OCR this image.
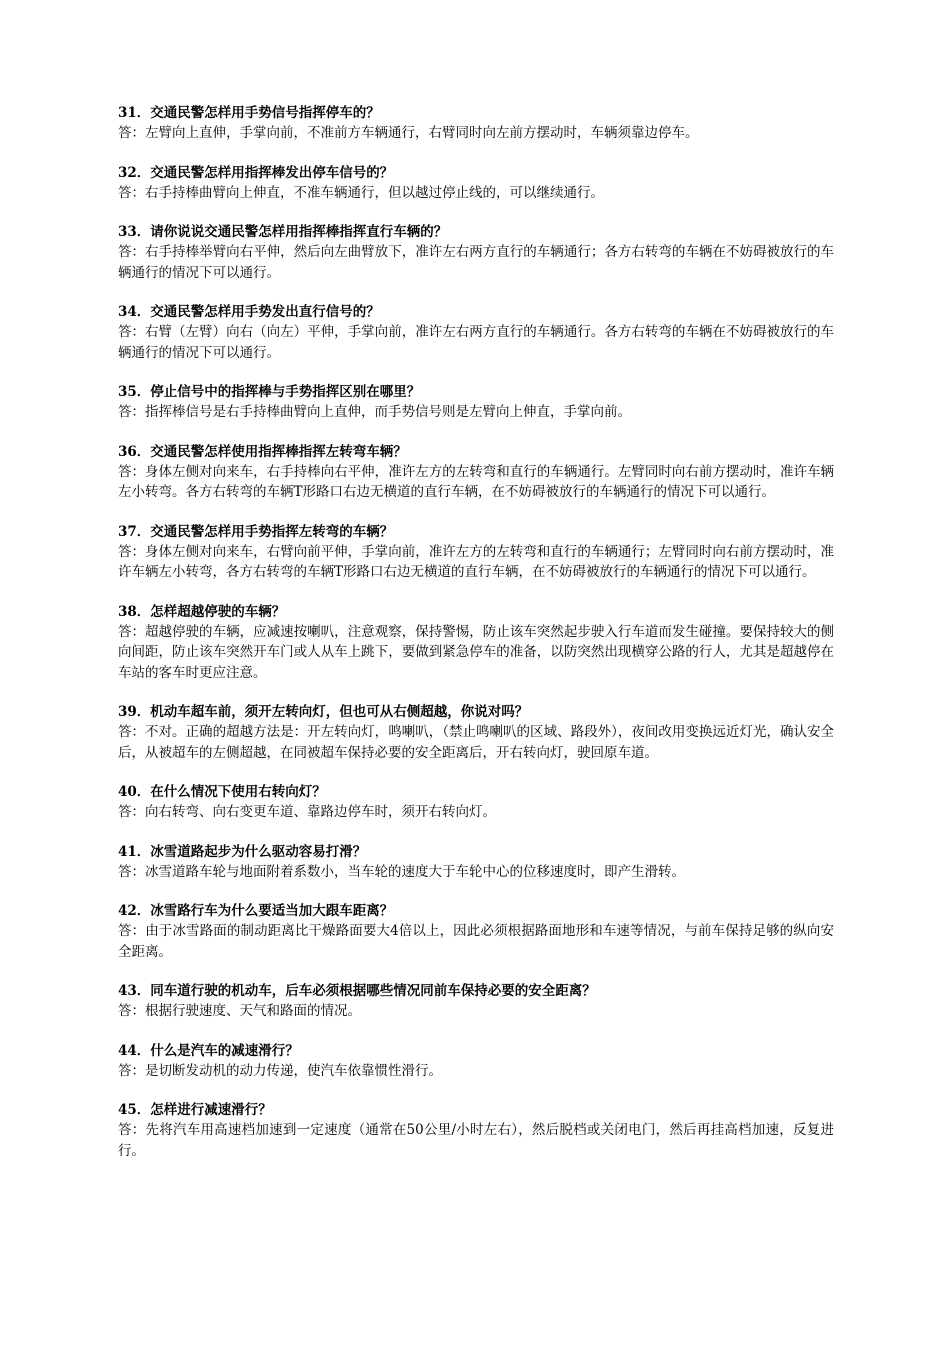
31．交通民警怎样用手势信号指挥停车的？
答：左臂向上直伸，手掌向前，不准前方车辆通行，右臂同时向左前方摆动时，车辆须靠边停车。
32．交通民警怎样用指挥棒发出停车信号的？
答：右手持棒曲臂向上伸直，不准车辆通行，但以越过停止线的，可以继续通行。
33．请你说说交通民警怎样用指挥棒指挥直行车辆的？
答：右手持棒举臂向右平伸，然后向左曲臂放下，准许左右两方直行的车辆通行；各方右转弯的车辆在不妨碍被放行的车辆通行的情况下可以通行。
34．交通民警怎样用手势发出直行信号的？
答：右臂（左臂）向右（向左）平伸，手掌向前，准许左右两方直行的车辆通行。各方右转弯的车辆在不妨碍被放行的车辆通行的情况下可以通行。
35．停止信号中的指挥棒与手势指挥区别在哪里？
答：指挥棒信号是右手持棒曲臂向上直伸，而手势信号则是左臂向上伸直，手掌向前。
36．交通民警怎样使用指挥棒指挥左转弯车辆？
答：身体左侧对向来车，右手持棒向右平伸，准许左方的左转弯和直行的车辆通行。左臂同时向右前方摆动时，准许车辆左小转弯。各方右转弯的车辆T形路口右边无横道的直行车辆，在不妨碍被放行的车辆通行的情况下可以通行。
37．交通民警怎样用手势指挥左转弯的车辆？
答：身体左侧对向来车，右臂向前平伸，手掌向前，准许左方的左转弯和直行的车辆通行；左臂同时向右前方摆动时，准许车辆左小转弯，各方右转弯的车辆T形路口右边无横道的直行车辆，在不妨碍被放行的车辆通行的情况下可以通行。
38．怎样超越停驶的车辆？
答：超越停驶的车辆，应减速按喇叭，注意观察，保持警惕，防止该车突然起步驶入行车道而发生碰撞。要保持较大的侧向间距，防止该车突然开车门或人从车上跳下，要做到紧急停车的准备，以防突然出现横穿公路的行人，尤其是超越停在车站的客车时更应注意。
39．机动车超车前，须开左转向灯，但也可从右侧超越，你说对吗？
答：不对。正确的超越方法是：开左转向灯，鸣喇叭，（禁止鸣喇叭的区域、路段外），夜间改用变换远近灯光，确认安全后，从被超车的左侧超越，在同被超车保持必要的安全距离后，开右转向灯，驶回原车道。
40．在什么情况下使用右转向灯？
答：向右转弯、向右变更车道、靠路边停车时，须开右转向灯。
41．冰雪道路起步为什么驱动容易打滑？
答：冰雪道路车轮与地面附着系数小，当车轮的速度大于车轮中心的位移速度时，即产生滑转。
42．冰雪路行车为什么要适当加大跟车距离？
答：由于冰雪路面的制动距离比干燥路面要大4倍以上，因此必须根据路面地形和车速等情况，与前车保持足够的纵向安全距离。
43．同车道行驶的机动车，后车必须根据哪些情况同前车保持必要的安全距离？
答：根据行驶速度、天气和路面的情况。
44．什么是汽车的减速滑行？
答：是切断发动机的动力传递，使汽车依靠惯性滑行。
45．怎样进行减速滑行？
答：先将汽车用高速档加速到一定速度（通常在50公里/小时左右），然后脱档或关闭电门，然后再挂高档加速，反复进行。
